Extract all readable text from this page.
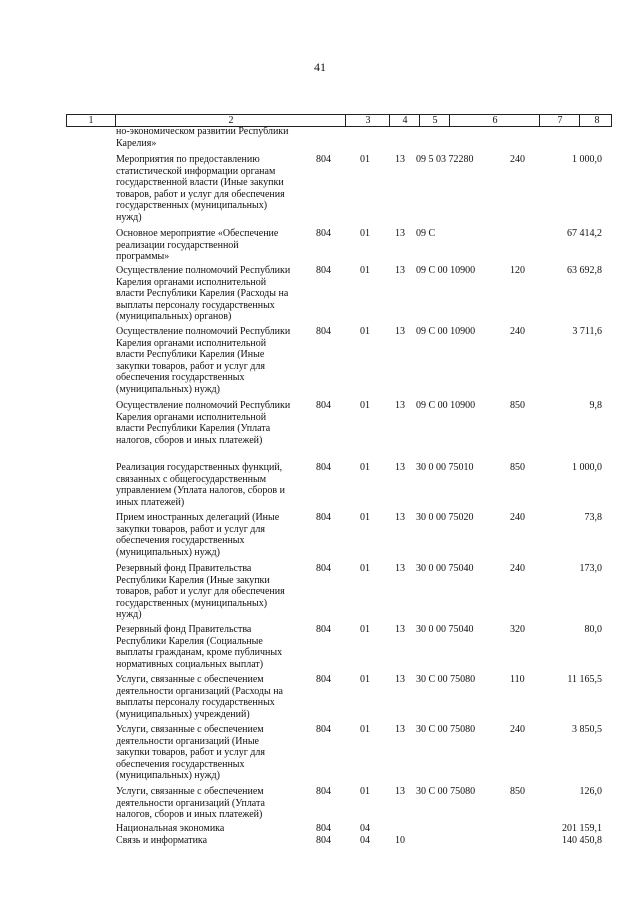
41
1	2	3	4	5	6	7	8
но-экономическом развитии Республики Карелия»
Мероприятия по предоставлению статистической информации органам государственной власти (Иные закупки товаров, работ и услуг для обеспечения государственных (муниципальных) нужд)
804	01	13 09 5 03 72280	240	1 000,0
Основное мероприятие «Обеспечение реализации государственной программы»
804	01	13 09 С	67 414,2
Осуществление полномочий Республики Карелия органами исполнительной власти Республики Карелия (Расходы на выплаты персоналу государственных (муниципальных) органов)
804	01	13 09 С 00 10900	120	63 692,8
Осуществление полномочий Республики Карелия органами исполнительной власти Республики Карелия (Иные закупки товаров, работ и услуг для обеспечения государственных (муниципальных) нужд)
804	01	13 09 С 00 10900	240	3 711,6
Осуществление полномочий Республики Карелия органами исполнительной власти Республики Карелия (Уплата налогов, сборов и иных платежей)
804	01	13 09 С 00 10900	850	9,8
Реализация государственных функций, связанных с общегосударственным управлением (Уплата налогов, сборов и иных платежей)
804	01	13 30 0 00 75010	850	1 000,0
Прием иностранных делегаций (Иные закупки товаров, работ и услуг для обеспечения государственных (муниципальных) нужд)
804	01	13 30 0 00 75020	240	73,8
Резервный фонд Правительства Республики Карелия (Иные закупки товаров, работ и услуг для обеспечения государственных (муниципальных) нужд)
804	01	13 30 0 00 75040	240	173,0
Резервный фонд Правительства Республики Карелия (Социальные выплаты гражданам, кроме публичных нормативных социальных выплат)
804	01	13 30 0 00 75040	320	80,0
Услуги, связанные с обеспечением деятельности организаций (Расходы на выплаты персоналу государственных (муниципальных) учреждений)
804	01	13 30 С 00 75080	110	11 165,5
Услуги, связанные с обеспечением деятельности организаций (Иные закупки товаров, работ и услуг для обеспечения государственных (муниципальных) нужд)
804	01	13 30 С 00 75080	240	3 850,5
Услуги, связанные с обеспечением деятельности организаций (Уплата налогов, сборов и иных платежей)
804	01	13 30 С 00 75080	850	126,0
Национальная экономика	804	04	201 159,1
Связь и информатика	804	04	10	140 450,8
